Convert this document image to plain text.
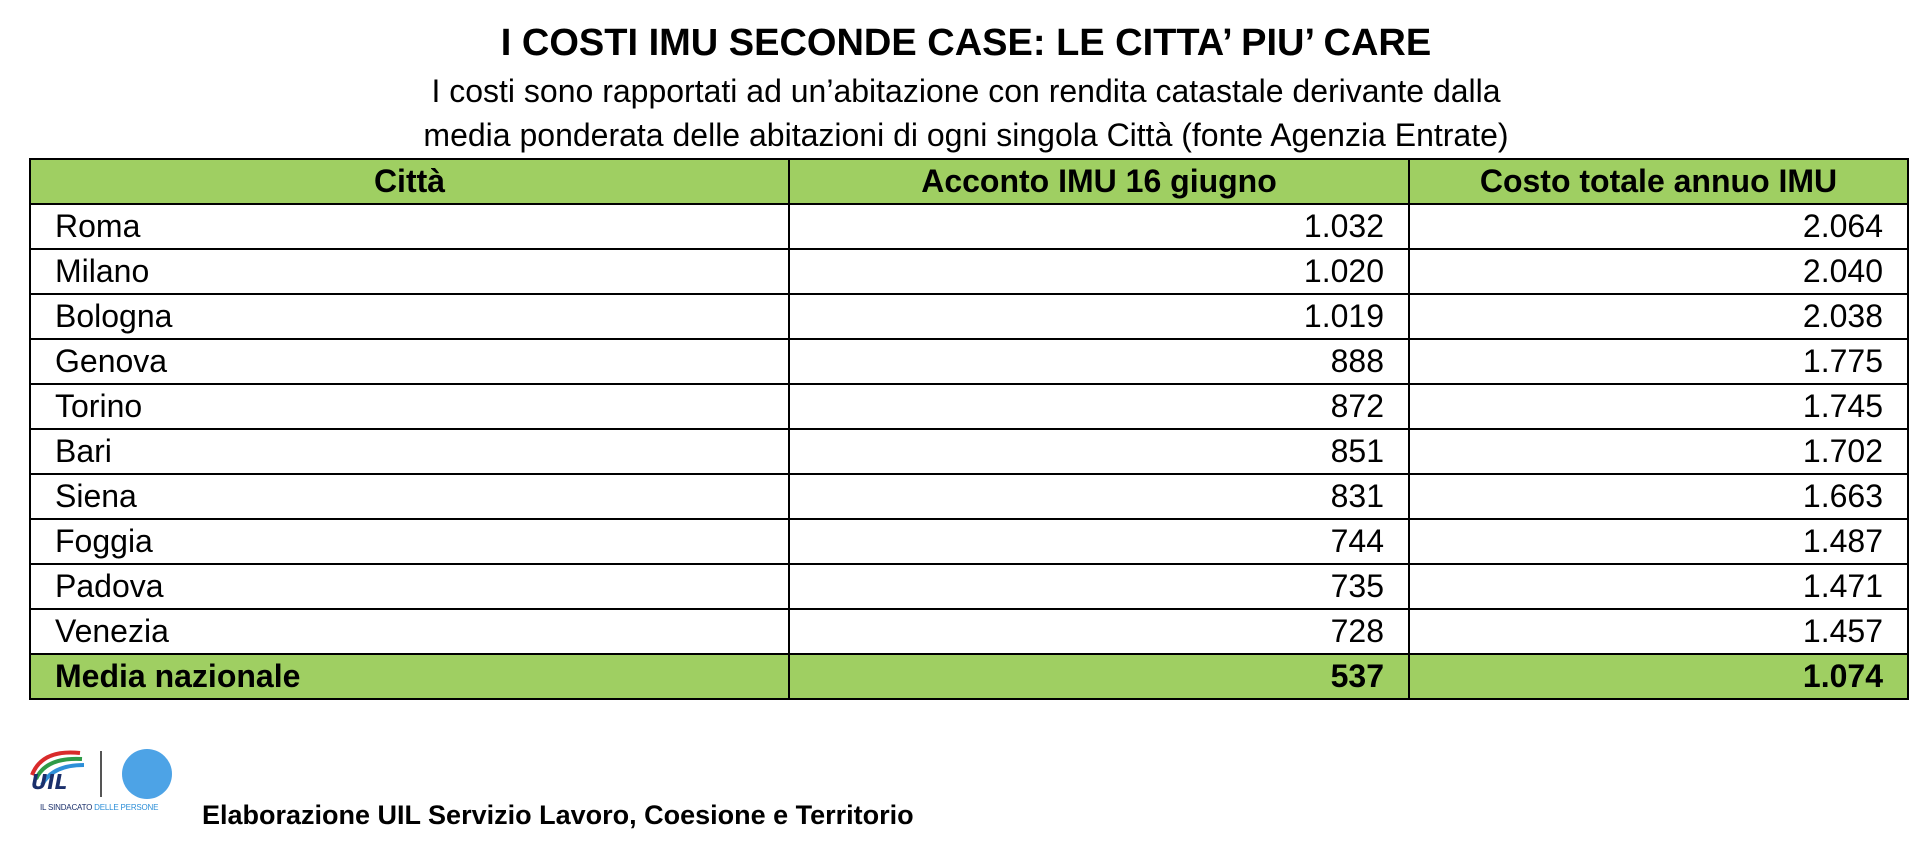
I COSTI IMU SECONDE CASE: LE CITTA’ PIU’ CARE
I costi sono rapportati ad un’abitazione con rendita catastale derivante dalla
media ponderata delle abitazioni di ogni singola Città (fonte Agenzia Entrate)
Città	Acconto IMU 16 giugno	Costo totale annuo IMU
Roma	1.032	2.064
Milano	1.020	2.040
Bologna	1.019	2.038
Genova	888	1.775
Torino	872	1.745
Bari	851	1.702
Siena	831	1.663
Foggia	744	1.487
Padova	735	1.471
Venezia	728	1.457
Media nazionale	537	1.074
UIL
IL SINDACATO DELLE PERSONE Elaborazione UIL Servizio Lavoro, Coesione e Territorio
